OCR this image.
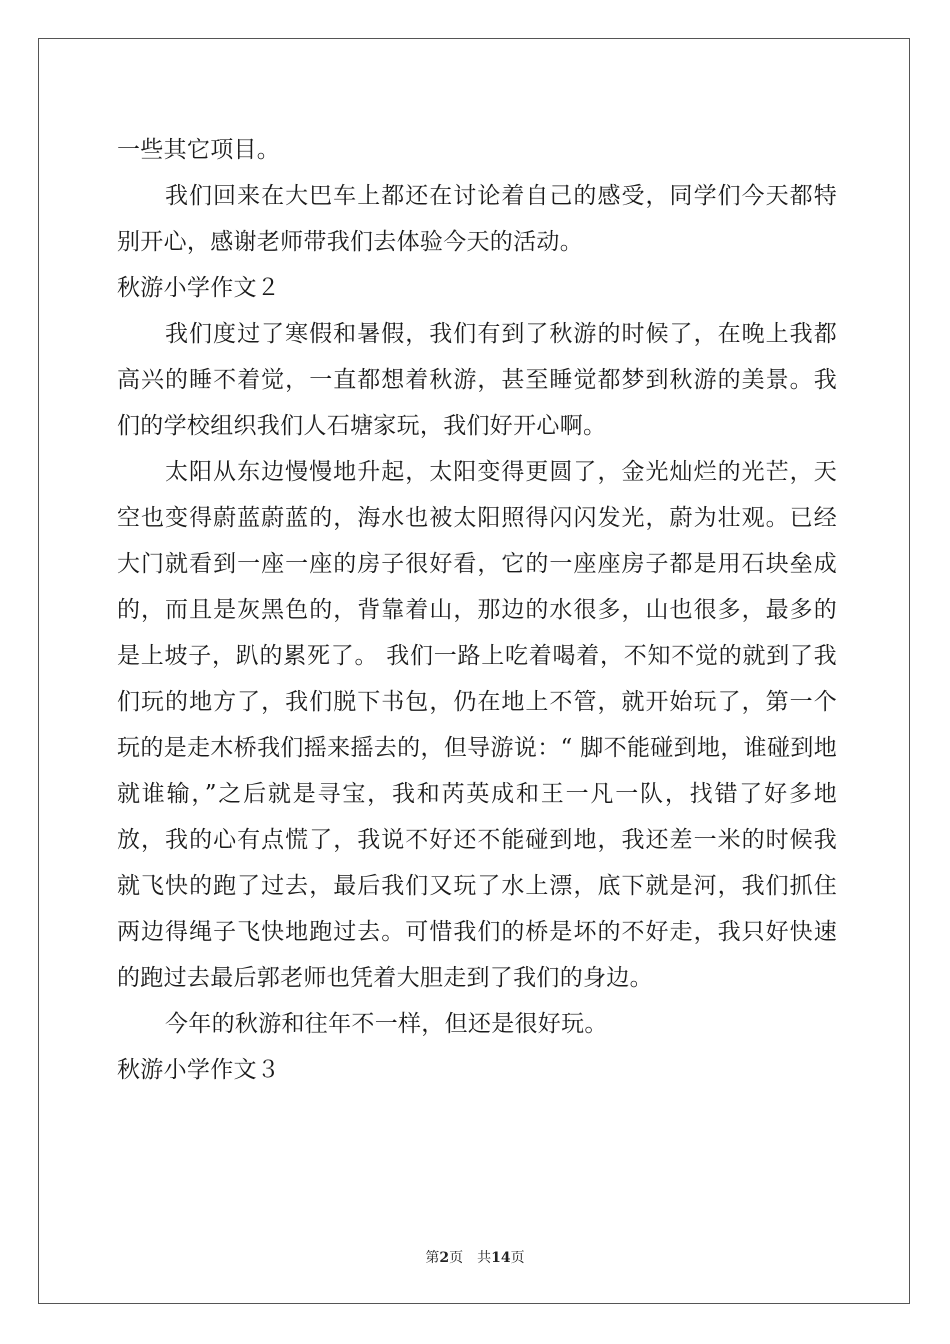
一些其它项目。

我们回来在大巴车上都还在讨论着自己的感受，同学们今天都特别开心，感谢老师带我们去体验今天的活动。

秋游小学作文２

我们度过了寒假和暑假，我们有到了秋游的时候了，在晚上我都高兴的睡不着觉，一直都想着秋游，甚至睡觉都梦到秋游的美景。我们的学校组织我们人石塘家玩，我们好开心啊。

太阳从东边慢慢地升起，太阳变得更圆了，金光灿烂的光芒，天空也变得蔚蓝蔚蓝的，海水也被太阳照得闪闪发光，蔚为壮观。已经大门就看到一座一座的房子很好看，它的一座座房子都是用石块垒成的，而且是灰黑色的，背靠着山，那边的水很多，山也很多，最多的是上坡子，趴的累死了。 我们一路上吃着喝着，不知不觉的就到了我们玩的地方了，我们脱下书包，仍在地上不管，就开始玩了，第一个玩的是走木桥我们摇来摇去的，但导游说：“ 脚不能碰到地，谁碰到地就谁输，”之后就是寻宝，我和芮英成和王一凡一队，找错了好多地放，我的心有点慌了，我说不好还不能碰到地，我还差一米的时候我就飞快的跑了过去，最后我们又玩了水上漂，底下就是河，我们抓住两边得绳子飞快地跑过去。可惜我们的桥是坏的不好走，我只好快速的跑过去最后郭老师也凭着大胆走到了我们的身边。

今年的秋游和往年不一样，但还是很好玩。

秋游小学作文３

第2页 共14页
